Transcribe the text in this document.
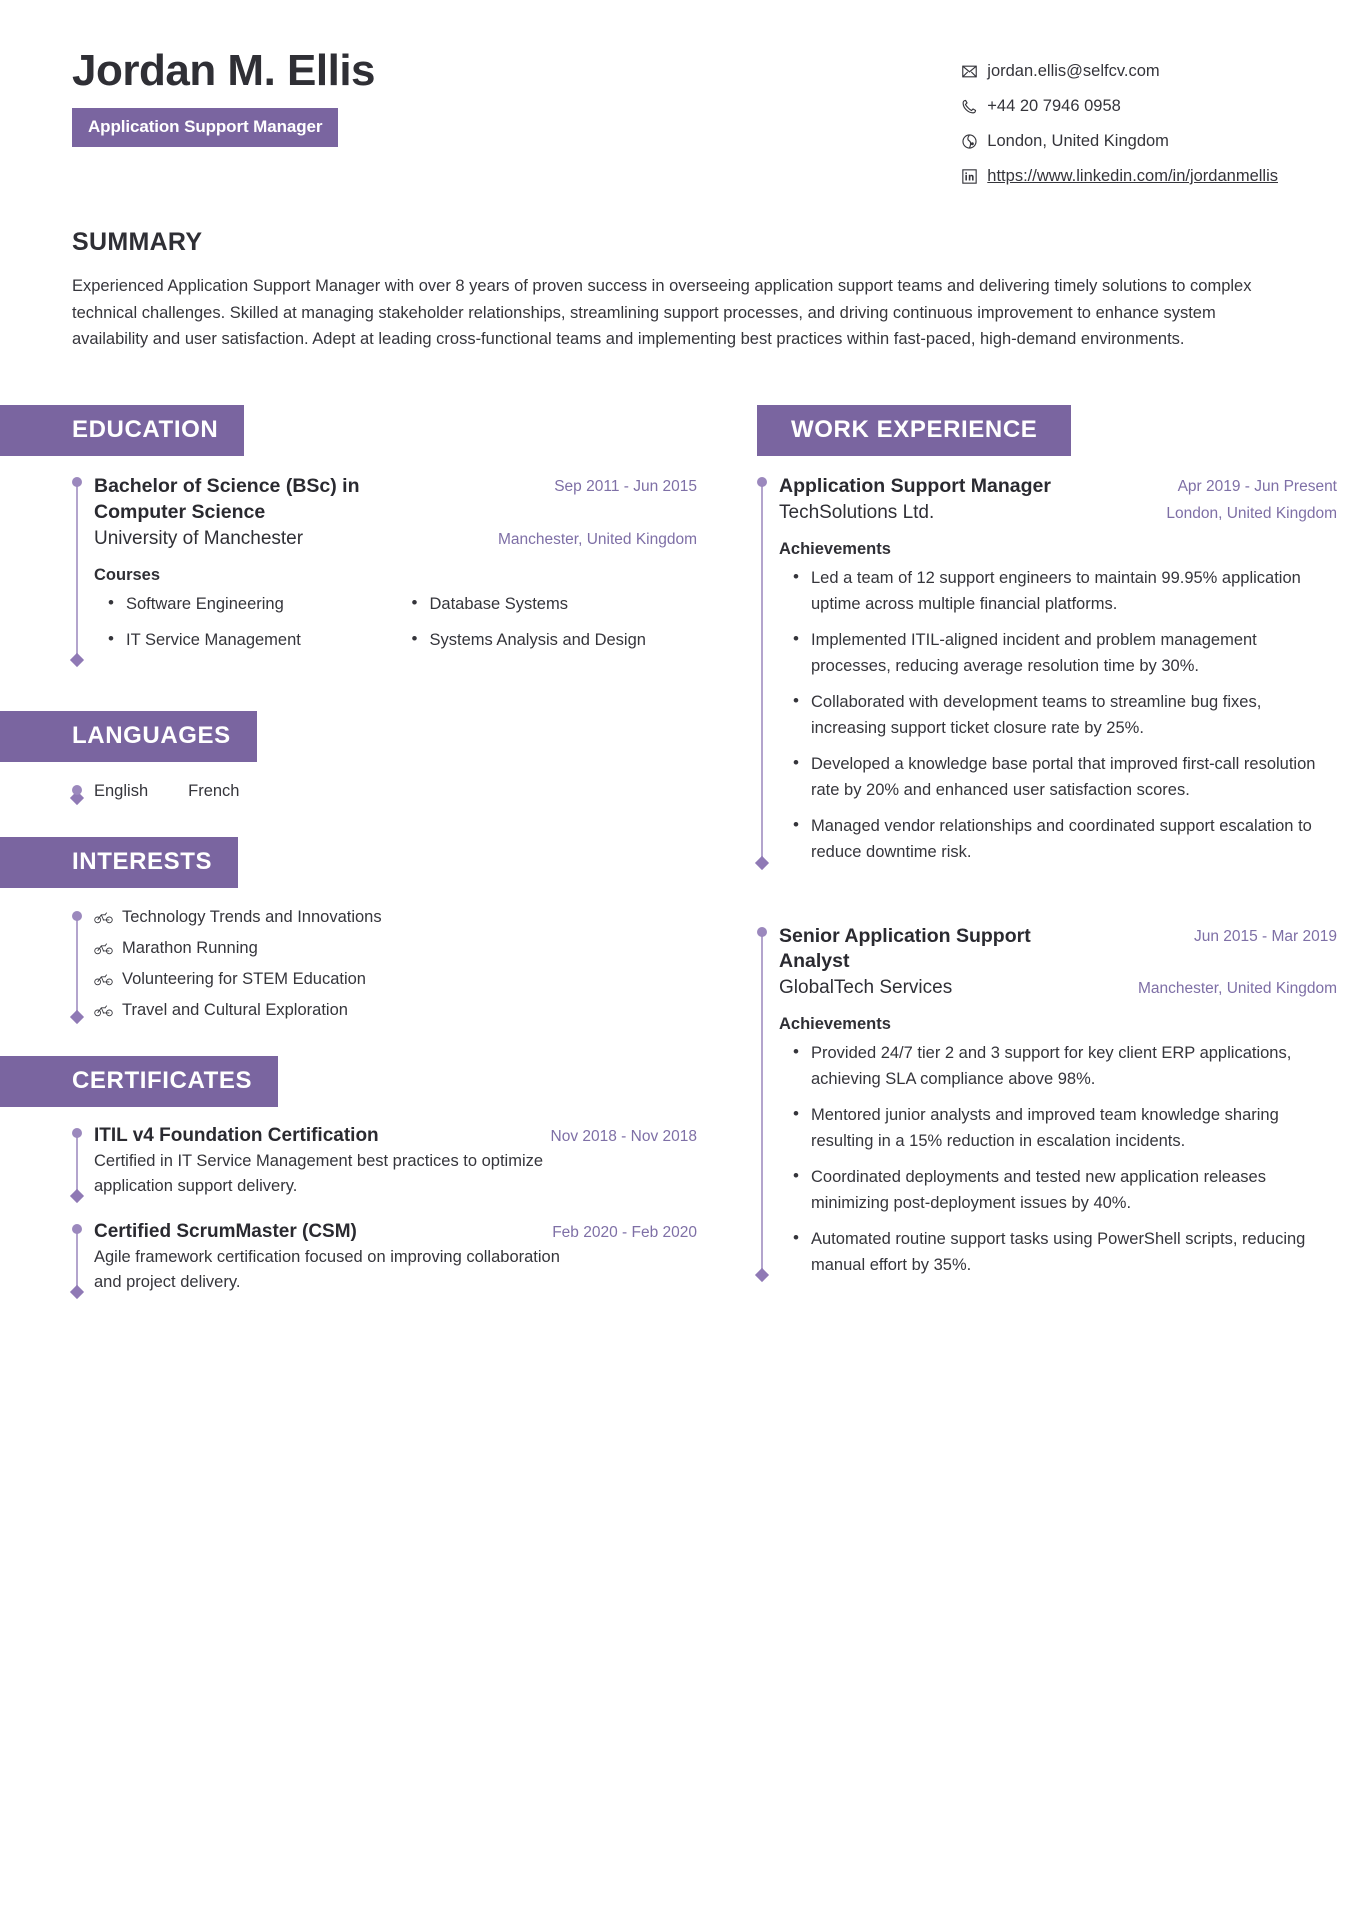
Jordan M. Ellis
Application Support Manager
jordan.ellis@selfcv.com
+44 20 7946 0958
London, United Kingdom
https://www.linkedin.com/in/jordanmellis
SUMMARY
Experienced Application Support Manager with over 8 years of proven success in overseeing application support teams and delivering timely solutions to complex technical challenges. Skilled at managing stakeholder relationships, streamlining support processes, and driving continuous improvement to enhance system availability and user satisfaction. Adept at leading cross-functional teams and implementing best practices within fast-paced, high-demand environments.
EDUCATION
Bachelor of Science (BSc) in Computer Science
Sep 2011 - Jun 2015
University of Manchester	Manchester, United Kingdom
Courses
• Software Engineering	• Database Systems
• IT Service Management	• Systems Analysis and Design
LANGUAGES
English French
INTERESTS
Technology Trends and Innovations
Marathon Running
Volunteering for STEM Education
Travel and Cultural Exploration
CERTIFICATES
ITIL v4 Foundation Certification	Nov 2018 - Nov 2018
Certified in IT Service Management best practices to optimize application support delivery.
Certified ScrumMaster (CSM)	Feb 2020 - Feb 2020
Agile framework certification focused on improving collaboration and project delivery.
WORK EXPERIENCE
Application Support Manager	Apr 2019 - Jun Present
TechSolutions Ltd.	London, United Kingdom
Achievements
• Led a team of 12 support engineers to maintain 99.95% application uptime across multiple financial platforms.
• Implemented ITIL-aligned incident and problem management processes, reducing average resolution time by 30%.
• Collaborated with development teams to streamline bug fixes, increasing support ticket closure rate by 25%.
• Developed a knowledge base portal that improved first-call resolution rate by 20% and enhanced user satisfaction scores.
• Managed vendor relationships and coordinated support escalation to reduce downtime risk.
Senior Application Support Analyst
Jun 2015 - Mar 2019
GlobalTech Services	Manchester, United Kingdom
Achievements
• Provided 24/7 tier 2 and 3 support for key client ERP applications, achieving SLA compliance above 98%.
• Mentored junior analysts and improved team knowledge sharing resulting in a 15% reduction in escalation incidents.
• Coordinated deployments and tested new application releases minimizing post-deployment issues by 40%.
• Automated routine support tasks using PowerShell scripts, reducing manual effort by 35%.
